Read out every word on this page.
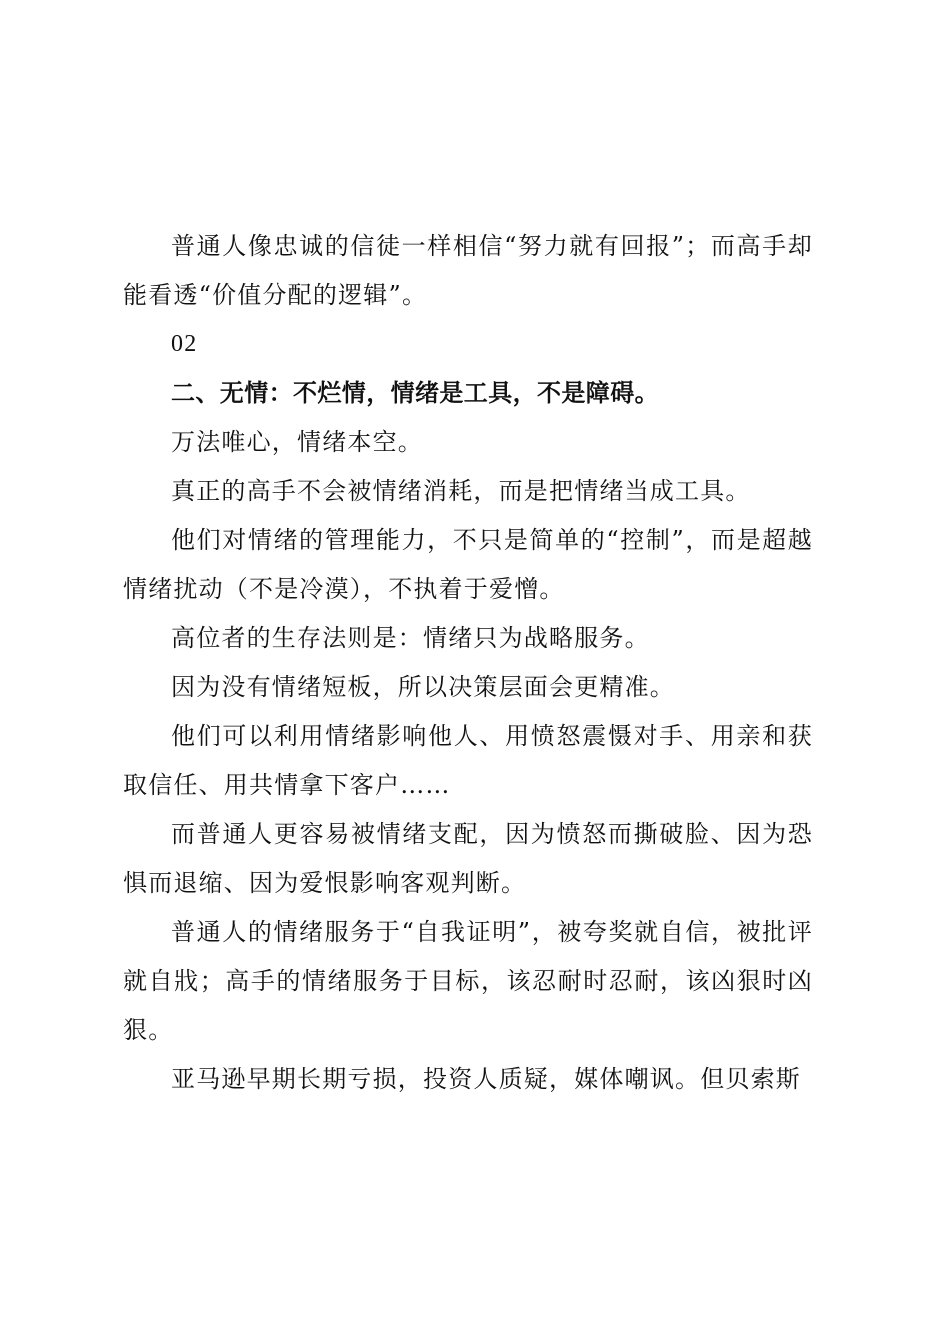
普通人像忠诚的信徒一样相信“努力就有回报”；而高手却能看透“价值分配的逻辑”。

02

二、无情：不烂情，情绪是工具，不是障碍。

万法唯心，情绪本空。

真正的高手不会被情绪消耗，而是把情绪当成工具。

他们对情绪的管理能力，不只是简单的“控制”，而是超越情绪扰动（不是冷漠），不执着于爱憎。

高位者的生存法则是：情绪只为战略服务。

因为没有情绪短板，所以决策层面会更精准。

他们可以利用情绪影响他人、用愤怒震慑对手、用亲和获取信任、用共情拿下客户……

而普通人更容易被情绪支配，因为愤怒而撕破脸、因为恐惧而退缩、因为爱恨影响客观判断。

普通人的情绪服务于“自我证明”，被夸奖就自信，被批评就自戕；高手的情绪服务于目标，该忍耐时忍耐，该凶狠时凶狠。

亚马逊早期长期亏损，投资人质疑，媒体嘲讽。但贝索斯
